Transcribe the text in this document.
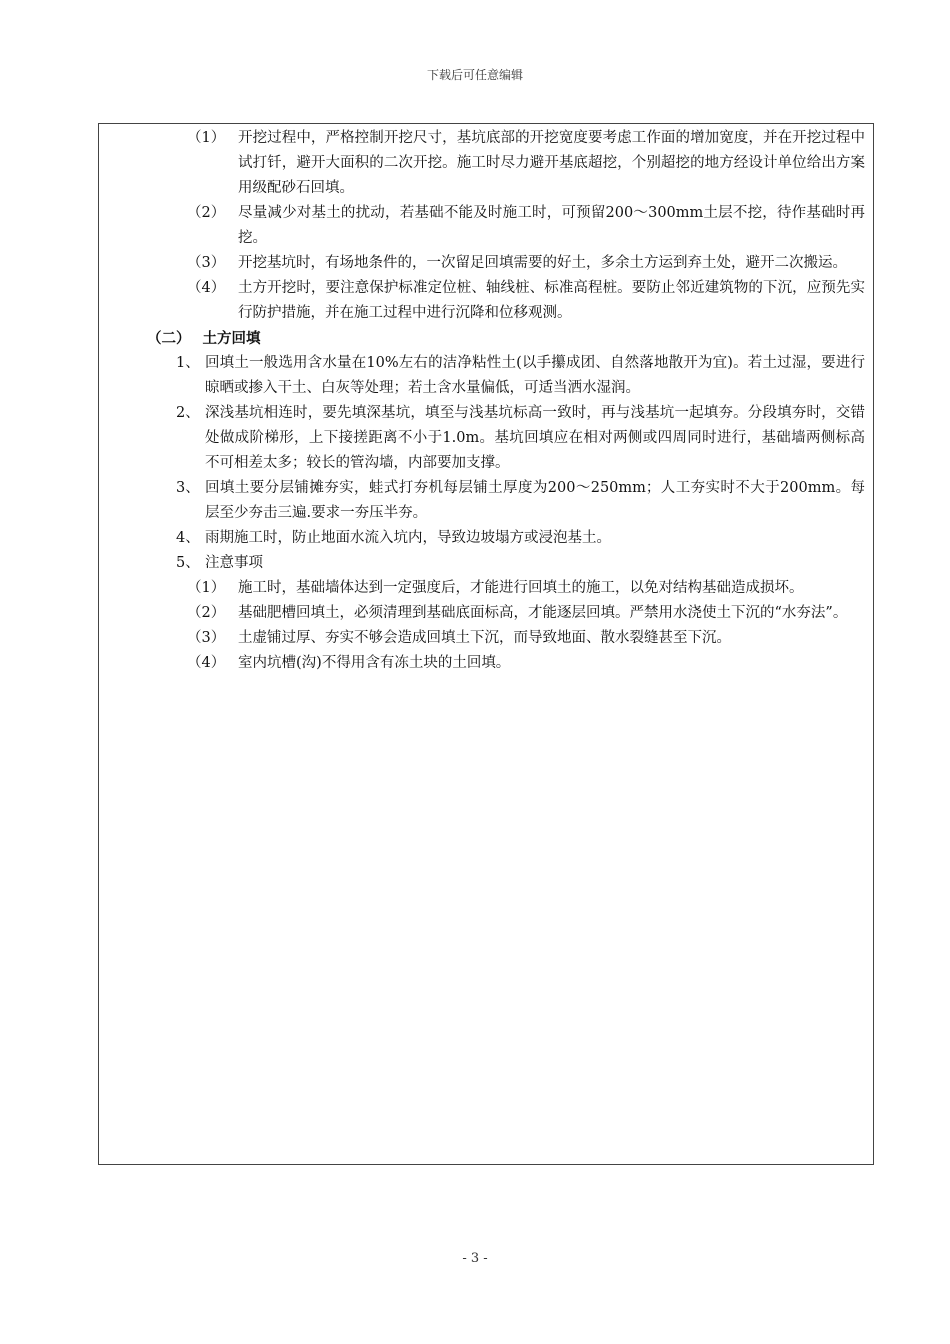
下载后可任意编辑
（1） 开挖过程中，严格控制开挖尺寸，基坑底部的开挖宽度要考虑工作面的增加宽度，并在开挖过程中试打钎，避开大面积的二次开挖。施工时尽力避开基底超挖，个别超挖的地方经设计单位给出方案用级配砂石回填。
（2） 尽量减少对基土的扰动，若基础不能及时施工时，可预留200～300mm土层不挖，待作基础时再挖。
（3） 开挖基坑时，有场地条件的，一次留足回填需要的好土，多余土方运到弃土处，避开二次搬运。
（4） 土方开挖时，要注意保护标准定位桩、轴线桩、标准高程桩。要防止邻近建筑物的下沉，应预先实行防护措施，并在施工过程中进行沉降和位移观测。
（二） 土方回填
1、 回填土一般选用含水量在10%左右的洁净粘性土(以手攥成团、自然落地散开为宜)。若土过湿，要进行晾晒或掺入干土、白灰等处理；若土含水量偏低，可适当洒水湿润。
2、 深浅基坑相连时，要先填深基坑，填至与浅基坑标高一致时，再与浅基坑一起填夯。分段填夯时，交错处做成阶梯形，上下接搓距离不小于1.0m。基坑回填应在相对两侧或四周同时进行，基础墙两侧标高不可相差太多；较长的管沟墙，内部要加支撑。
3、 回填土要分层铺摊夯实，蛙式打夯机每层铺土厚度为200～250mm；人工夯实时不大于200mm。每层至少夯击三遍.要求一夯压半夯。
4、 雨期施工时，防止地面水流入坑内，导致边坡塌方或浸泡基土。
5、 注意事项
（1） 施工时，基础墙体达到一定强度后，才能进行回填土的施工，以免对结构基础造成损坏。
（2） 基础肥槽回填土，必须清理到基础底面标高，才能逐层回填。严禁用水浇使土下沉的“水夯法”。
（3） 土虚铺过厚、夯实不够会造成回填土下沉，而导致地面、散水裂缝甚至下沉。
（4） 室内坑槽(沟)不得用含有冻土块的土回填。
- 3 -
